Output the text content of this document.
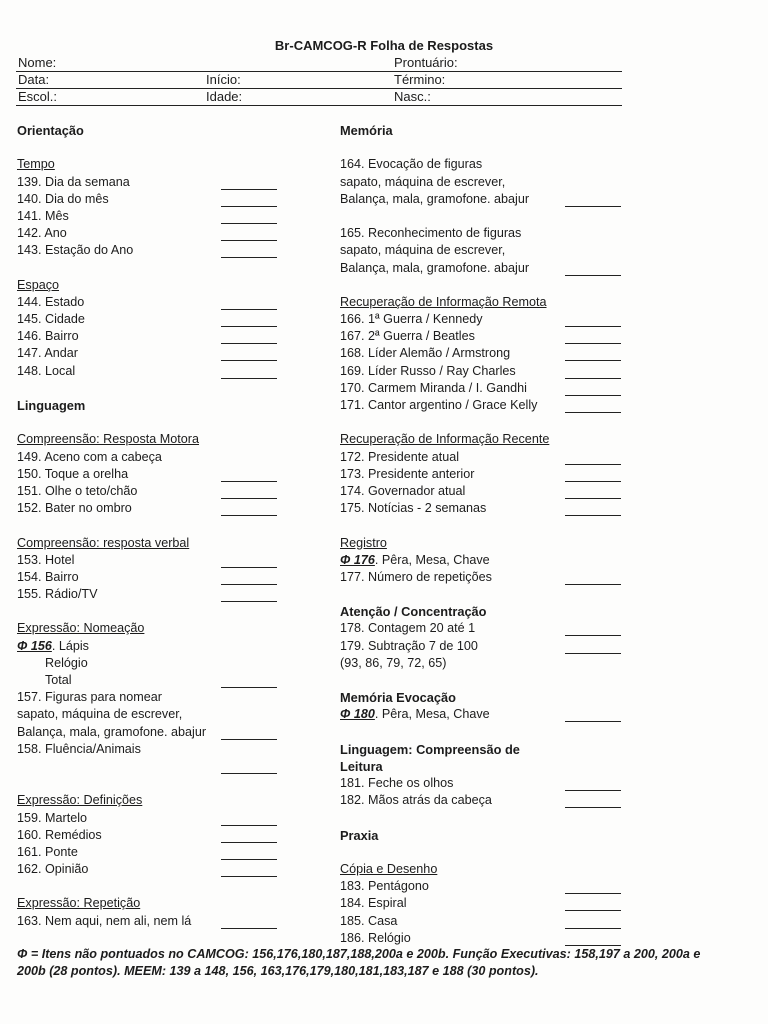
Br-CAMCOG-R Folha de Respostas
Nome:	Prontuário:
Data:	Início:	Término:
Escol.:	Idade:	Nasc.:
Orientação
Tempo
139. Dia da semana
140. Dia do mês
141. Mês
142. Ano
143. Estação do Ano
Espaço
144. Estado
145. Cidade
146. Bairro
147. Andar
148. Local
Linguagem
Compreensão: Resposta Motora
149. Aceno com a cabeça
150. Toque a orelha
151. Olhe o teto/chão
152. Bater no ombro
Compreensão: resposta verbal
153. Hotel
154. Bairro
155. Rádio/TV
Expressão: Nomeação
Φ 156. Lápis
Relógio
Total
157. Figuras para nomear
sapato, máquina de escrever,
Balança, mala, gramofone. abajur
158. Fluência/Animais
Expressão: Definições
159. Martelo
160. Remédios
161. Ponte
162. Opinião
Expressão: Repetição
163. Nem aqui, nem ali, nem lá
Memória
164. Evocação de figuras
sapato, máquina de escrever,
Balança, mala, gramofone. abajur
165. Reconhecimento de figuras
sapato, máquina de escrever,
Balança, mala, gramofone. abajur
Recuperação de Informação Remota
166. 1ª Guerra / Kennedy
167. 2ª Guerra / Beatles
168. Líder Alemão / Armstrong
169. Líder Russo / Ray Charles
170. Carmem Miranda / I. Gandhi
171. Cantor argentino / Grace Kelly
Recuperação de Informação Recente
172. Presidente atual
173. Presidente anterior
174. Governador atual
175. Notícias - 2 semanas
Registro
Φ 176. Pêra, Mesa, Chave
177. Número de repetições
Atenção / Concentração
178. Contagem 20 até 1
179. Subtração 7 de 100
(93, 86, 79, 72, 65)
Memória Evocação
Φ 180. Pêra, Mesa, Chave
Linguagem: Compreensão de
Leitura
181. Feche os olhos
182. Mãos atrás da cabeça
Praxia
Cópia e Desenho
183. Pentágono
184. Espiral
185. Casa
186. Relógio
Φ = Itens não pontuados no CAMCOG: 156,176,180,187,188,200a e 200b. Função Executivas: 158,197 a 200, 200a e 200b (28 pontos). MEEM: 139 a 148, 156, 163,176,179,180,181,183,187 e 188 (30 pontos).
